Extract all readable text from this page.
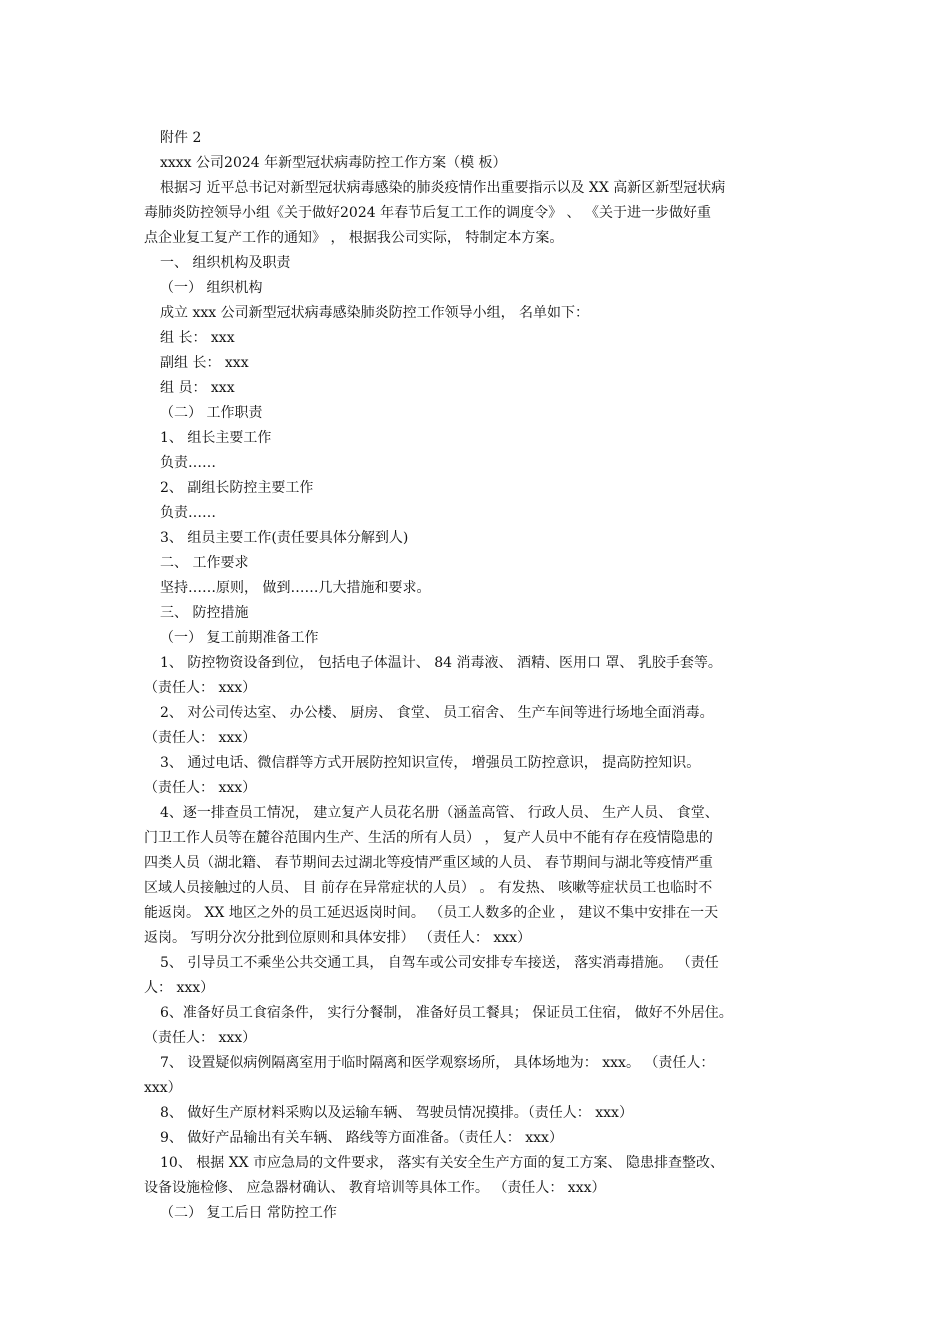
附件 2
xxxx 公司2024 年新型冠状病毒防控工作方案（模 板）
根据习 近平总书记对新型冠状病毒感染的肺炎疫情作出重要指示以及 XX 高新区新型冠状病
毒肺炎防控领导小组《关于做好2024 年春节后复工工作的调度令》 、 《关于进一步做好重
点企业复工复产工作的通知》 ， 根据我公司实际， 特制定本方案。
一、 组织机构及职责
（一） 组织机构
成立 xxx 公司新型冠状病毒感染肺炎防控工作领导小组， 名单如下：
组 长： xxx
副组 长： xxx
组 员： xxx
（二） 工作职责
1、 组长主要工作
负责……
2、 副组长防控主要工作
负责……
3、 组员主要工作(责任要具体分解到人)
二、 工作要求
坚持……原则， 做到……几大措施和要求。
三、 防控措施
（一） 复工前期准备工作
1、 防控物资设备到位， 包括电子体温计、 84 消毒液、 酒精、医用口 罩、 乳胶手套等。
（责任人： xxx）
2、 对公司传达室、 办公楼、 厨房、 食堂、 员工宿舍、 生产车间等进行场地全面消毒。
（责任人： xxx）
3、 通过电话、微信群等方式开展防控知识宣传， 增强员工防控意识， 提高防控知识。
（责任人： xxx）
4、逐一排查员工情况， 建立复产人员花名册（涵盖高管、 行政人员、 生产人员、 食堂、
门卫工作人员等在麓谷范围内生产、生活的所有人员） ， 复产人员中不能有存在疫情隐患的
四类人员（湖北籍、 春节期间去过湖北等疫情严重区域的人员、 春节期间与湖北等疫情严重
区域人员接触过的人员、 目 前存在异常症状的人员） 。 有发热、 咳嗽等症状员工也临时不
能返岗。 XX 地区之外的员工延迟返岗时间。 （员工人数多的企业 ， 建议不集中安排在一天
返岗。 写明分次分批到位原则和具体安排） （责任人： xxx）
5、 引导员工不乘坐公共交通工具， 自驾车或公司安排专车接送， 落实消毒措施。 （责任
人： xxx）
6、准备好员工食宿条件， 实行分餐制， 准备好员工餐具； 保证员工住宿， 做好不外居住。
（责任人： xxx）
7、 设置疑似病例隔离室用于临时隔离和医学观察场所， 具体场地为： xxx。 （责任人：
xxx）
8、 做好生产原材料采购以及运输车辆、 驾驶员情况摸排。（责任人： xxx）
9、 做好产品输出有关车辆、 路线等方面准备。（责任人： xxx）
10、 根据 XX 市应急局的文件要求， 落实有关安全生产方面的复工方案、 隐患排查整改、
设备设施检修、 应急器材确认、 教育培训等具体工作。 （责任人： xxx）
（二） 复工后日 常防控工作
